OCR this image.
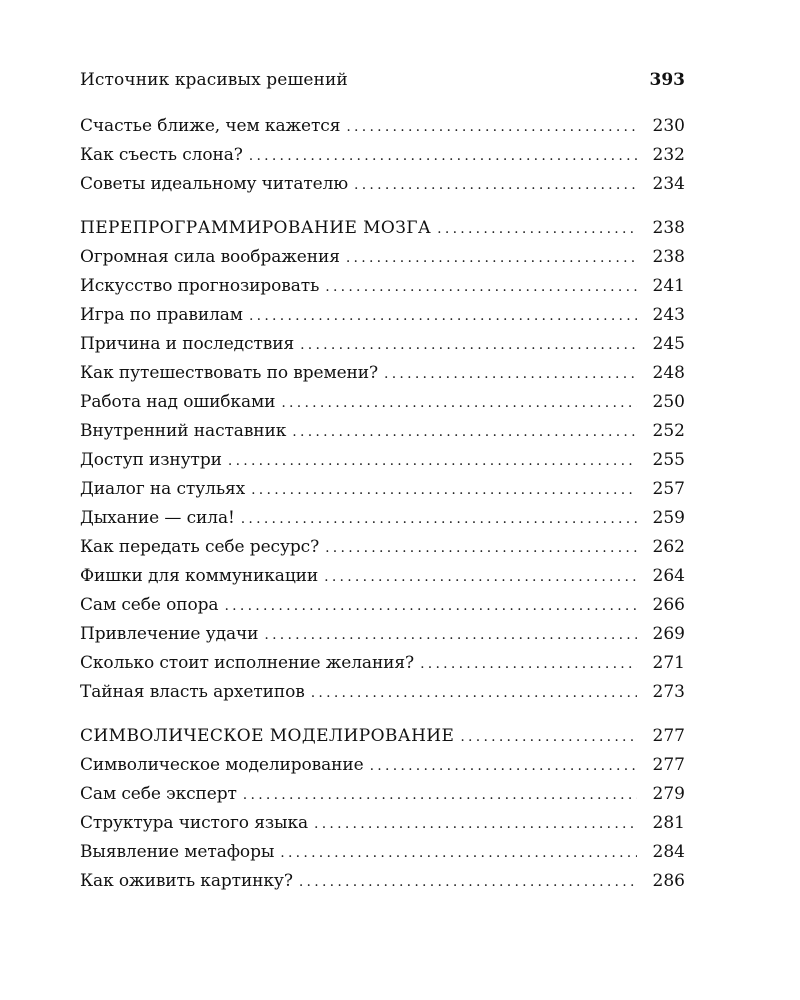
Источник красивых решений	393
Счастье ближе, чем кажется . . .	230
Как съесть слона? . . .	232
Советы идеальному читателю . . .	234
ПЕРЕПРОГРАММИРОВАНИЕ МОЗГА . . .	238
Огромная сила воображения . . .	238
Искусство прогнозировать . . .	241
Игра по правилам . . .	243
Причина и последствия . . .	245
Как путешествовать по времени? . . .	248
Работа над ошибками . . .	250
Внутренний наставник . . .	252
Доступ изнутри . . .	255
Диалог на стульях . . .	257
Дыхание — сила! . . .	259
Как передать себе ресурс? . . .	262
Фишки для коммуникации . . .	264
Сам себе опора . . .	266
Привлечение удачи . . .	269
Сколько стоит исполнение желания? . . .	271
Тайная власть архетипов . . .	273
СИМВОЛИЧЕСКОЕ МОДЕЛИРОВАНИЕ . . .	277
Символическое моделирование . . .	277
Сам себе эксперт . . .	279
Структура чистого языка . . .	281
Выявление метафоры . . .	284
Как оживить картинку? . . .	286
